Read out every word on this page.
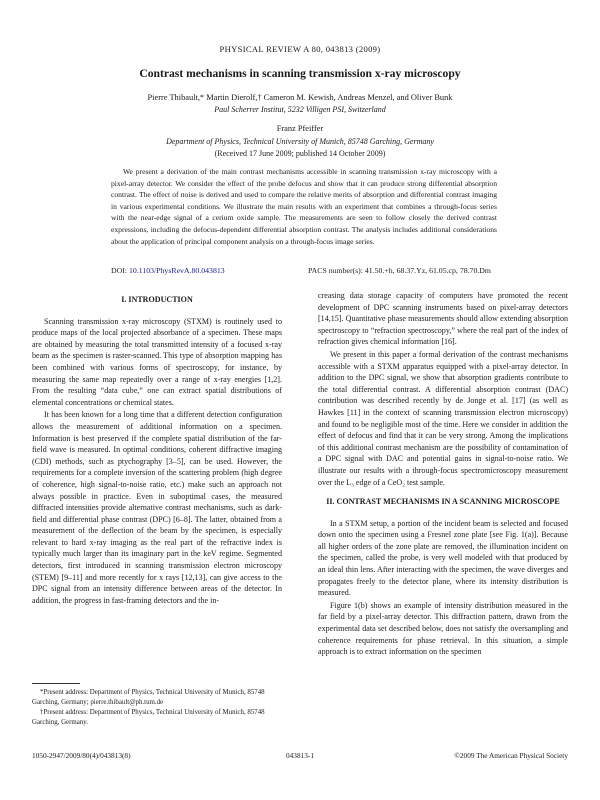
PHYSICAL REVIEW A 80, 043813 (2009)
Contrast mechanisms in scanning transmission x-ray microscopy
Pierre Thibault,* Martin Dierolf,† Cameron M. Kewish, Andreas Menzel, and Oliver Bunk
Paul Scherrer Institut, 5232 Villigen PSI, Switzerland
Franz Pfeiffer
Department of Physics, Technical University of Munich, 85748 Garching, Germany
(Received 17 June 2009; published 14 October 2009)

We present a derivation of the main contrast mechanisms accessible in scanning transmission x-ray microscopy with a pixel-array detector. We consider the effect of the probe defocus and show that it can produce strong differential absorption contrast. The effect of noise is derived and used to compare the relative merits of absorption and differential contrast imaging in various experimental conditions. We illustrate the main results with an experiment that combines a through-focus series with the near-edge signal of a cerium oxide sample. The measurements are seen to follow closely the derived contrast expressions, including the defocus-dependent differential absorption contrast. The analysis includes additional considerations about the application of principal component analysis on a through-focus image series.

DOI: 10.1103/PhysRevA.80.043813	PACS number(s): 41.50.+h, 68.37.Yz, 61.05.cp, 78.70.Dm
I. INTRODUCTION

Scanning transmission x-ray microscopy (STXM) is routinely used to produce maps of the local projected absorbance of a specimen. These maps are obtained by measuring the total transmitted intensity of a focused x-ray beam as the specimen is raster-scanned. This type of absorption mapping has been combined with various forms of spectroscopy, for instance, by measuring the same map repeatedly over a range of x-ray energies [1,2]. From the resulting “data cube,” one can extract spatial distributions of elemental concentrations or chemical states.

It has been known for a long time that a different detection configuration allows the measurement of additional information on a specimen. Information is best preserved if the complete spatial distribution of the far-field wave is measured. In optimal conditions, coherent diffractive imaging (CDI) methods, such as ptychography [3–5], can be used. However, the requirements for a complete inversion of the scattering problem (high degree of coherence, high signal-to-noise ratio, etc.) make such an approach not always possible in practice. Even in suboptimal cases, the measured diffracted intensities provide alternative contrast mechanisms, such as dark-field and differential phase contrast (DPC) [6–8]. The latter, obtained from a measurement of the deflection of the beam by the specimen, is especially relevant to hard x-ray imaging as the real part of the refractive index is typically much larger than its imaginary part in the keV regime. Segmented detectors, first introduced in scanning transmission electron microscopy (STEM) [9–11] and more recently for x rays [12,13], can give access to the DPC signal from an intensity difference between areas of the detector. In addition, the progress in fast-framing detectors and the in-

creasing data storage capacity of computers have promoted the recent development of DPC scanning instruments based on pixel-array detectors [14,15]. Quantitative phase measurements should allow extending absorption spectroscopy to “refraction spectroscopy,” where the real part of the index of refraction gives chemical information [16].

We present in this paper a formal derivation of the contrast mechanisms accessible with a STXM apparatus equipped with a pixel-array detector. In addition to the DPC signal, we show that absorption gradients contribute to the total differential contrast. A differential absorption contrast (DAC) contribution was described recently by de Jonge et al. [17] (as well as Hawkes [11] in the context of scanning transmission electron microscopy) and found to be negligible most of the time. Here we consider in addition the effect of defocus and find that it can be very strong. Among the implications of this additional contrast mechanism are the possibility of contamination of a DPC signal with DAC and potential gains in signal-to-noise ratio. We illustrate our results with a through-focus spectromicroscopy measurement over the L₃ edge of a CeO₂ test sample.

II. CONTRAST MECHANISMS IN A SCANNING MICROSCOPE

In a STXM setup, a portion of the incident beam is selected and focused down onto the specimen using a Fresnel zone plate [see Fig. 1(a)]. Because all higher orders of the zone plate are removed, the illumination incident on the specimen, called the probe, is very well modeled with that produced by an ideal thin lens. After interacting with the specimen, the wave diverges and propagates freely to the detector plane, where its intensity distribution is measured.

Figure 1(b) shows an example of intensity distribution measured in the far field by a pixel-array detector. This diffraction pattern, drawn from the experimental data set described below, does not satisfy the oversampling and coherence requirements for phase retrieval. In this situation, a simple approach is to extract information on the specimen

*Present address: Department of Physics, Technical University of Munich, 85748 Garching, Germany; pierre.thibault@ph.tum.de

†Present address: Department of Physics, Technical University of Munich, 85748 Garching, Germany.

1050-2947/2009/80(4)/043813(8)	043813-1	©2009 The American Physical Society
